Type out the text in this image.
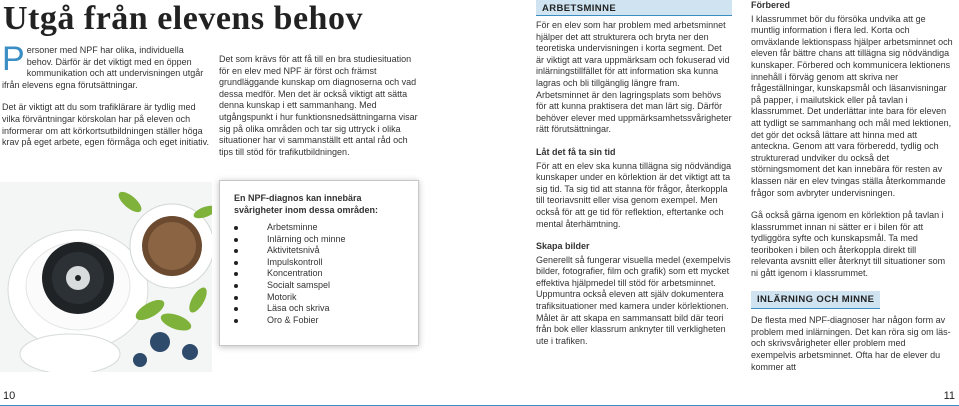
Utgå från elevens behov

Personer med NPF har olika, individuella behov. Därför är det viktigt med en öppen kommunikation och att undervisningen utgår ifrån elevens egna förutsättningar.

Det är viktigt att du som trafiklärare är tydlig med vilka förväntningar körskolan har på eleven och informerar om att körkortsutbildningen ställer höga krav på eget arbete, egen förmåga och eget initiativ.

Det som krävs för att få till en bra studiesituation för en elev med NPF är först och främst grundläggande kunskap om diagnoserna och vad dessa medför. Men det är också viktigt att sätta denna kunskap i ett sammanhang. Med utgångspunkt i hur funktionsnedsättningarna visar sig på olika områden och tar sig uttryck i olika situationer har vi sammanställt ett antal råd och tips till stöd för trafikutbildningen.

En NPF-diagnos kan innebära svårigheter inom dessa områden:
Arbetsminne
Inlärning och minne
Aktivitetsnivå
Impulskontroll
Koncentration
Socialt samspel
Motorik
Läsa och skriva
Oro & Fobier
10
ARBETSMINNE

För en elev som har problem med arbetsminnet hjälper det att strukturera och bryta ner den teoretiska undervisningen i korta segment. Det är viktigt att vara uppmärksam och fokuserad vid inlärningstillfället för att information ska kunna lagras och bli tillgänglig längre fram. Arbetsminnet är den lagringsplats som behövs för att kunna praktisera det man lärt sig. Därför behöver elever med uppmärksamhetssvårigheter rätt förutsättningar.

Låt det få ta sin tid

För att en elev ska kunna tillägna sig nödvändiga kunskaper under en körlektion är det viktigt att ta sig tid. Ta sig tid att stanna för frågor, återkoppla till teoriavsnitt eller visa genom exempel. Men också för att ge tid för reflektion, eftertanke och mental återhämtning.

Skapa bilder

Generellt så fungerar visuella medel (exempelvis bilder, fotografier, film och grafik) som ett mycket effektiva hjälpmedel till stöd för arbetsminnet. Uppmuntra också eleven att själv dokumentera trafiksituationer med kamera under körlektionen. Målet är att skapa en sammansatt bild där teori från bok eller klassrum anknyter till verkligheten ute i trafiken.

Förbered

I klassrummet bör du försöka undvika att ge muntlig information i flera led. Korta och omväxlande lektionspass hjälper arbetsminnet och eleven får bättre chans att tillägna sig nödvändiga kunskaper. Förbered och kommunicera lektionens innehåll i förväg genom att skriva ner frågeställningar, kunskapsmål och läsanvisningar på papper, i mailutskick eller på tavlan i klassrummet. Det underlättar inte bara för eleven att tydligt se sammanhang och mål med lektionen, det gör det också lättare att hinna med att anteckna. Genom att vara förberedd, tydlig och strukturerad undviker du också det störningsmoment det kan innebära för resten av klassen när en elev tvingas ställa återkommande frågor som avbryter undervisningen.

Gå också gärna igenom en körlektion på tavlan i klassrummet innan ni sätter er i bilen för att tydliggöra syfte och kunskapsmål. Ta med teoriboken i bilen och återkoppla direkt till relevanta avsnitt eller återknyt till situationer som ni gått igenom i klassrummet.

INLÄRNING OCH MINNE

De flesta med NPF-diagnoser har någon form av problem med inlärningen. Det kan röra sig om läs- och skrivsvårigheter eller problem med exempelvis arbetsminnet. Ofta har de elever du kommer att

11
